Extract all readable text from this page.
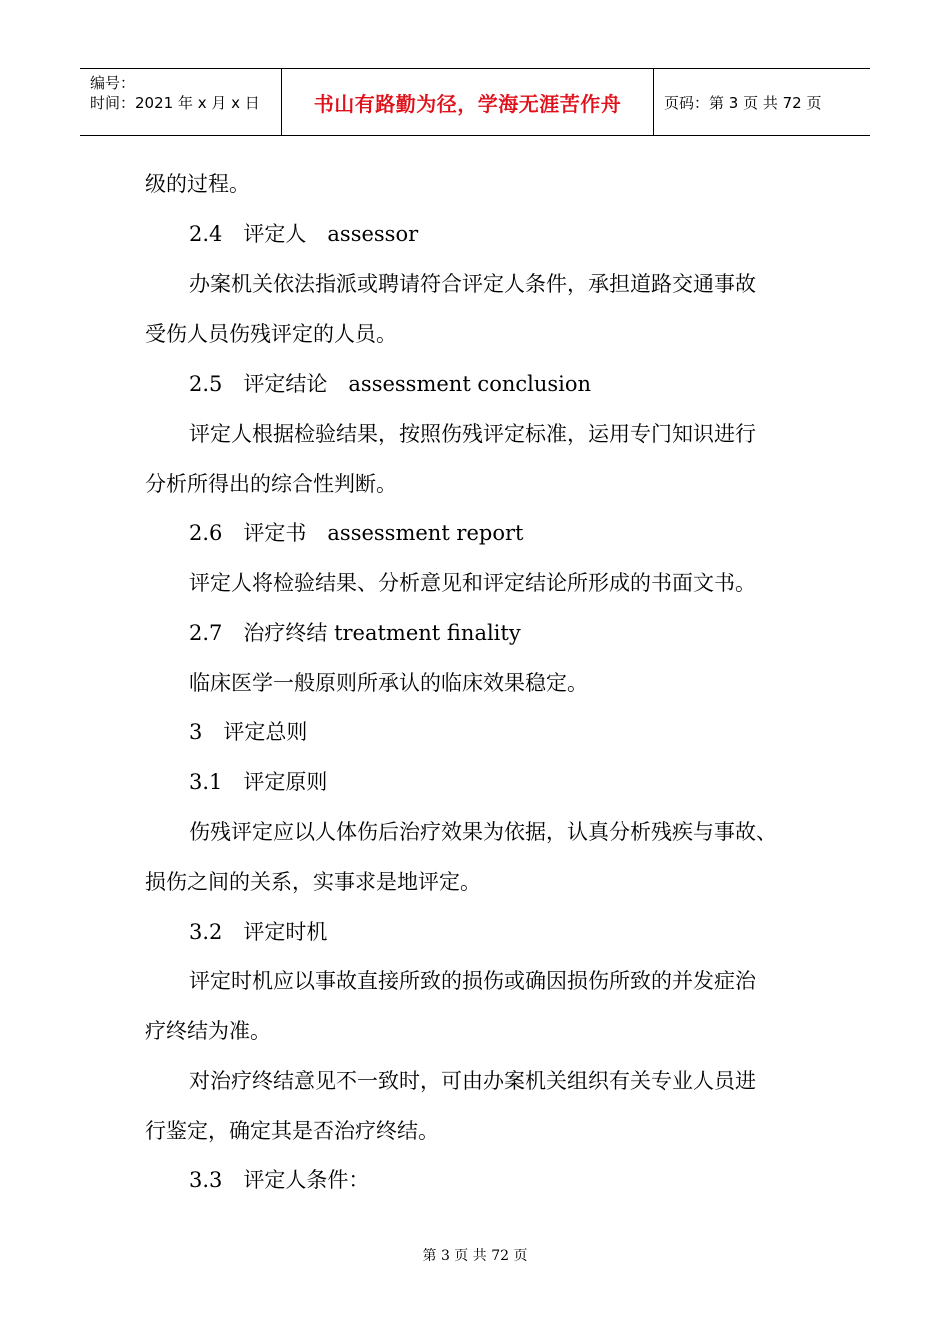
编号：
时间：2021 年 x 月 x 日	书山有路勤为径，学海无涯苦作舟	页码：第 3 页 共 72 页
级的过程。
2.4　评定人　assessor
办案机关依法指派或聘请符合评定人条件，承担道路交通事故
受伤人员伤残评定的人员。
2.5　评定结论　assessment conclusion
评定人根据检验结果，按照伤残评定标准，运用专门知识进行
分析所得出的综合性判断。
2.6　评定书　assessment report
评定人将检验结果、分析意见和评定结论所形成的书面文书。
2.7　治疗终结 treatment finality
临床医学一般原则所承认的临床效果稳定。
3　评定总则
3.1　评定原则
伤残评定应以人体伤后治疗效果为依据，认真分析残疾与事故、
损伤之间的关系，实事求是地评定。
3.2　评定时机
评定时机应以事故直接所致的损伤或确因损伤所致的并发症治
疗终结为准。
对治疗终结意见不一致时，可由办案机关组织有关专业人员进
行鉴定，确定其是否治疗终结。
3.3　评定人条件：
第 3 页 共 72 页
